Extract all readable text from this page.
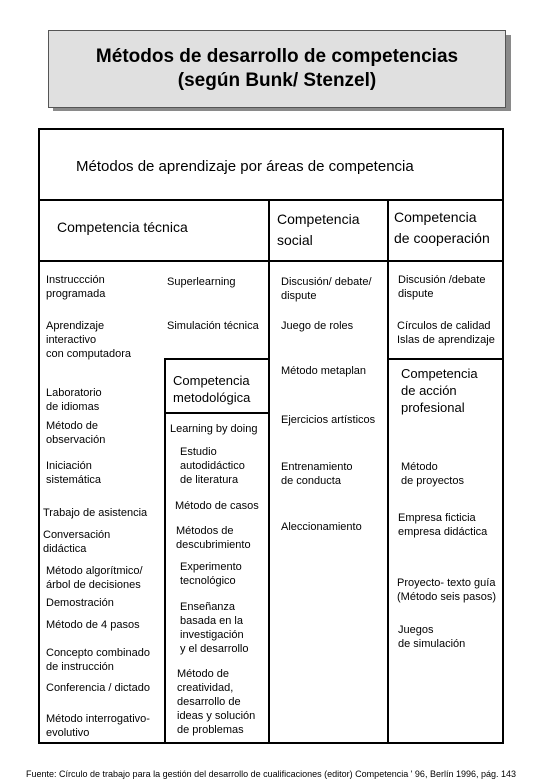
Métodos de desarrollo de competencias
(según Bunk/ Stenzel)
Métodos de aprendizaje por áreas de competencia
Competencia técnica	Competencia
social
Competencia
de cooperación
Competencia
metodológica
Competencia
de acción
profesional
Instruccción
programada
Aprendizaje
interactivo
con computadora
Laboratorio
de idiomas
Método de
observación
Iniciación
sistemática
Trabajo de asistencia
Conversación
didáctica
Método algorítmico/
árbol de decisiones
Demostración
Método de 4 pasos
Concepto combinado
de instrucción
Conferencia / dictado
Método interrogativo-
evolutivo
Superlearning
Simulación técnica
Learning by doing
Estudio
autodidáctico
de literatura
Método de casos
Métodos de
descubrimiento
Experimento
tecnológico
Enseñanza
basada en la
investigación
y el desarrollo
Método de
creatividad,
desarrollo de
ideas y solución
de problemas
Discusión/ debate/
dispute
Juego de roles
Método metaplan
Ejercicios artísticos
Entrenamiento
de conducta
Aleccionamiento
Discusión /debate
dispute
Círculos de calidad
Islas de aprendizaje
Método
de proyectos
Empresa ficticia
empresa didáctica
Proyecto- texto guía
(Método seis pasos)
Juegos
de simulación
Fuente: Círculo de trabajo para la gestión del desarrollo de cualificaciones (editor) Competencia ' 96, Berlín 1996, pág. 143
